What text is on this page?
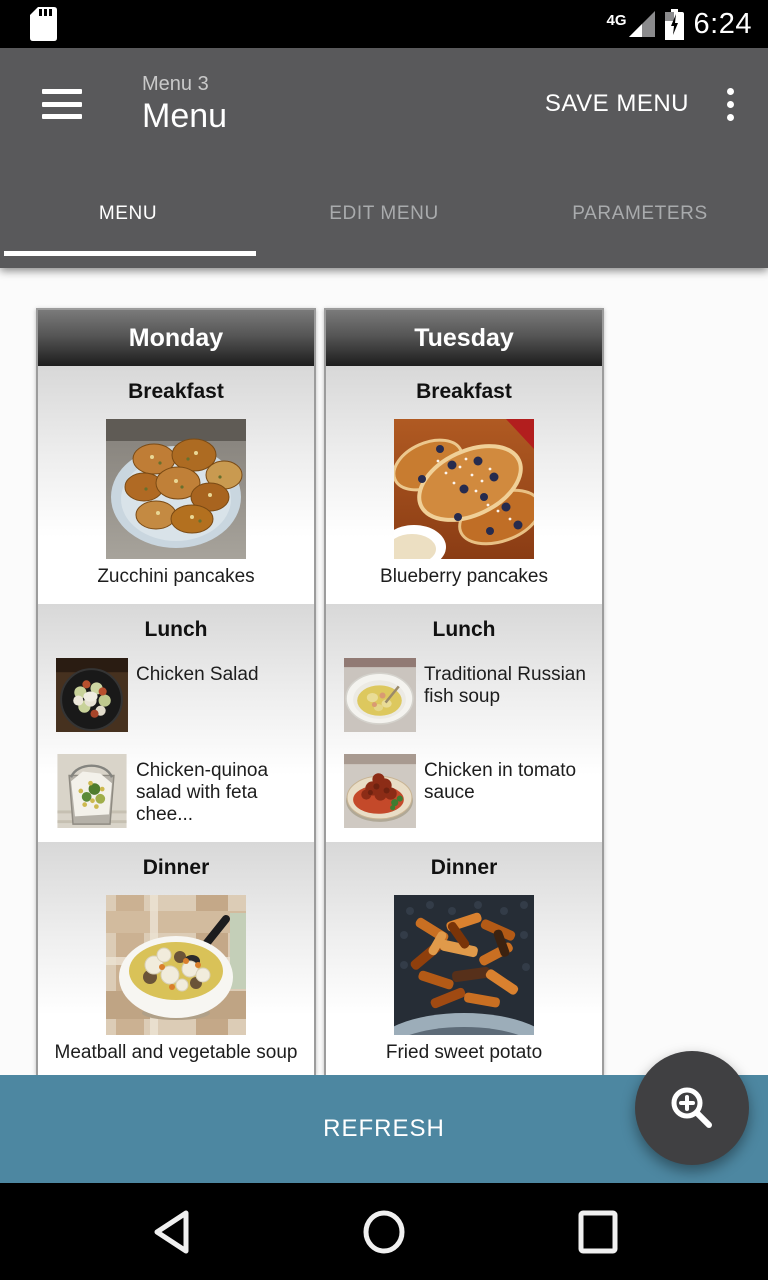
4G 6:24
Menu 3
Menu	SAVE MENU
MENU	EDIT MENU	PARAMETERS
Monday
Breakfast
Zucchini pancakes
Lunch
Chicken Salad
Chicken-quinoa salad with feta chee...
Dinner
Meatball and vegetable soup
Tuesday
Breakfast
Blueberry pancakes
Lunch
Traditional Russian fish soup
Chicken in tomato sauce
Dinner
Fried sweet potato
REFRESH
